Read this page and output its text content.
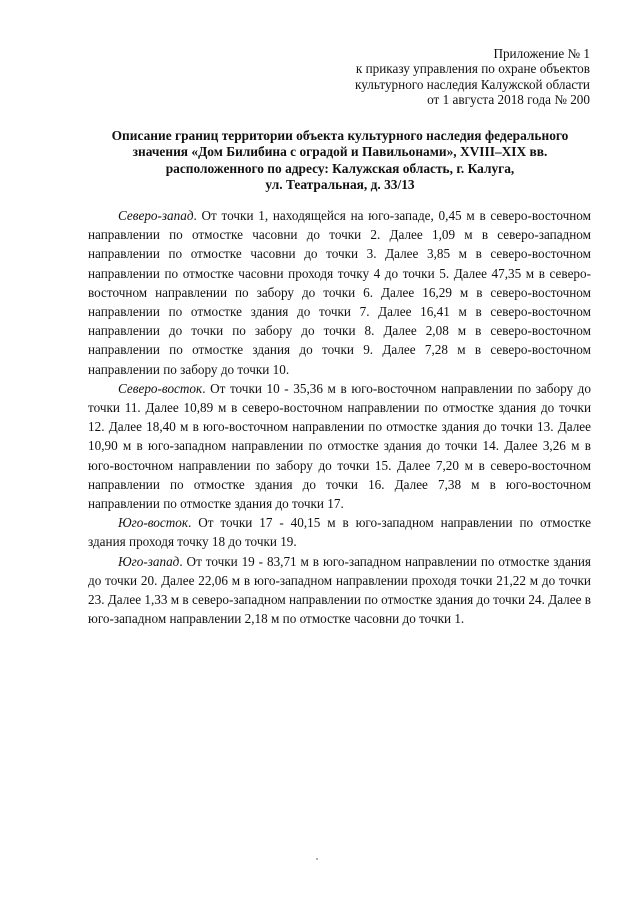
Приложение № 1
к приказу управления по охране объектов
культурного наследия Калужской области
от 1 августа 2018 года № 200
Описание границ территории объекта культурного наследия федерального
значения «Дом Билибина с оградой и Павильонами», XVIII–XIX вв.
расположенного по адресу: Калужская область, г. Калуга,
ул. Театральная, д. 33/13

Северо-запад. От точки 1, находящейся на юго-западе, 0,45 м в северо-восточном направлении по отмостке часовни до точки 2. Далее 1,09 м в северо-западном направлении по отмостке часовни до точки 3. Далее 3,85 м в северо-восточном направлении по отмостке часовни проходя точку 4 до точки 5. Далее 47,35 м в северо-восточном направлении по забору до точки 6. Далее 16,29 м в северо-восточном направлении по отмостке здания до точки 7. Далее 16,41 м в северо-восточном направлении до точки по забору до точки 8. Далее 2,08 м в северо-восточном направлении по отмостке здания до точки 9. Далее 7,28 м в северо-восточном направлении по забору до точки 10.

Северо-восток. От точки 10 - 35,36 м в юго-восточном направлении по забору до точки 11. Далее 10,89 м в северо-восточном направлении по отмостке здания до точки 12. Далее 18,40 м в юго-восточном направлении по отмостке здания до точки 13. Далее 10,90 м в юго-западном направлении по отмостке здания до точки 14. Далее 3,26 м в юго-восточном направлении по забору до точки 15. Далее 7,20 м в северо-восточном направлении по отмостке здания до точки 16. Далее 7,38 м в юго-восточном направлении по отмостке здания до точки 17.

Юго-восток. От точки 17 - 40,15 м в юго-западном направлении по отмостке здания проходя точку 18 до точки 19.

Юго-запад. От точки 19 - 83,71 м в юго-западном направлении по отмостке здания до точки 20. Далее 22,06 м в юго-западном направлении проходя точки 21,22 м до точки 23. Далее 1,33 м в северо-западном направлении по отмостке здания до точки 24. Далее в юго-западном направлении 2,18 м по отмостке часовни до точки 1.
